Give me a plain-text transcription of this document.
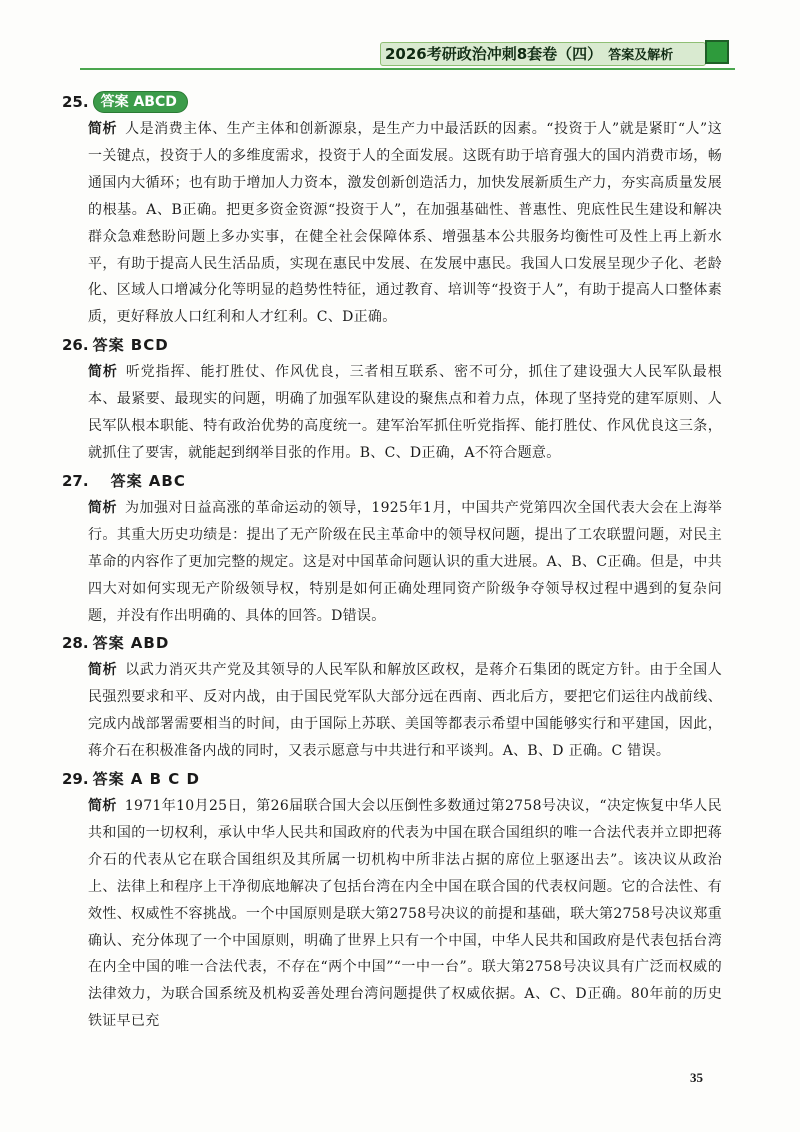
2026考研政治冲刺8套卷（四） 答案及解析
25. 答案 ABCD
简析 人是消费主体、生产主体和创新源泉，是生产力中最活跃的因素。“投资于人”就是紧盯“人”这一关键点，投资于人的多维度需求，投资于人的全面发展。这既有助于培育强大的国内消费市场，畅通国内大循环；也有助于增加人力资本，激发创新创造活力，加快发展新质生产力，夯实高质量发展的根基。A、B正确。把更多资金资源“投资于人”，在加强基础性、普惠性、兜底性民生建设和解决群众急难愁盼问题上多办实事，在健全社会保障体系、增强基本公共服务均衡性可及性上再上新水平，有助于提高人民生活品质，实现在惠民中发展、在发展中惠民。我国人口发展呈现少子化、老龄化、区域人口增减分化等明显的趋势性特征，通过教育、培训等“投资于人”，有助于提高人口整体素质，更好释放人口红利和人才红利。C、D正确。
26. 答案 BCD
简析 听党指挥、能打胜仗、作风优良，三者相互联系、密不可分，抓住了建设强大人民军队最根本、最紧要、最现实的问题，明确了加强军队建设的聚焦点和着力点，体现了坚持党的建军原则、人民军队根本职能、特有政治优势的高度统一。建军治军抓住听党指挥、能打胜仗、作风优良这三条，就抓住了要害，就能起到纲举目张的作用。B、C、D正确，A不符合题意。
27. 答案 ABC
简析 为加强对日益高涨的革命运动的领导，1925年1月，中国共产党第四次全国代表大会在上海举行。其重大历史功绩是：提出了无产阶级在民主革命中的领导权问题，提出了工农联盟问题，对民主革命的内容作了更加完整的规定。这是对中国革命问题认识的重大进展。A、B、C正确。但是，中共四大对如何实现无产阶级领导权，特别是如何正确处理同资产阶级争夺领导权过程中遇到的复杂问题，并没有作出明确的、具体的回答。D错误。
28. 答案 ABD
简析 以武力消灭共产党及其领导的人民军队和解放区政权，是蒋介石集团的既定方针。由于全国人民强烈要求和平、反对内战，由于国民党军队大部分远在西南、西北后方，要把它们运往内战前线、完成内战部署需要相当的时间，由于国际上苏联、美国等都表示希望中国能够实行和平建国，因此，蒋介石在积极准备内战的同时，又表示愿意与中共进行和平谈判。A、B、D 正确。C 错误。
29. 答案 A B C D
简析 1971年10月25日，第26届联合国大会以压倒性多数通过第2758号决议，“决定恢复中华人民共和国的一切权利，承认中华人民共和国政府的代表为中国在联合国组织的唯一合法代表并立即把蒋介石的代表从它在联合国组织及其所属一切机构中所非法占据的席位上驱逐出去”。该决议从政治上、法律上和程序上干净彻底地解决了包括台湾在内全中国在联合国的代表权问题。它的合法性、有效性、权威性不容挑战。一个中国原则是联大第2758号决议的前提和基础，联大第2758号决议郑重确认、充分体现了一个中国原则，明确了世界上只有一个中国，中华人民共和国政府是代表包括台湾在内全中国的唯一合法代表，不存在“两个中国”“一中一台”。联大第2758号决议具有广泛而权威的法律效力，为联合国系统及机构妥善处理台湾问题提供了权威依据。A、C、D正确。80年前的历史铁证早已充
35
